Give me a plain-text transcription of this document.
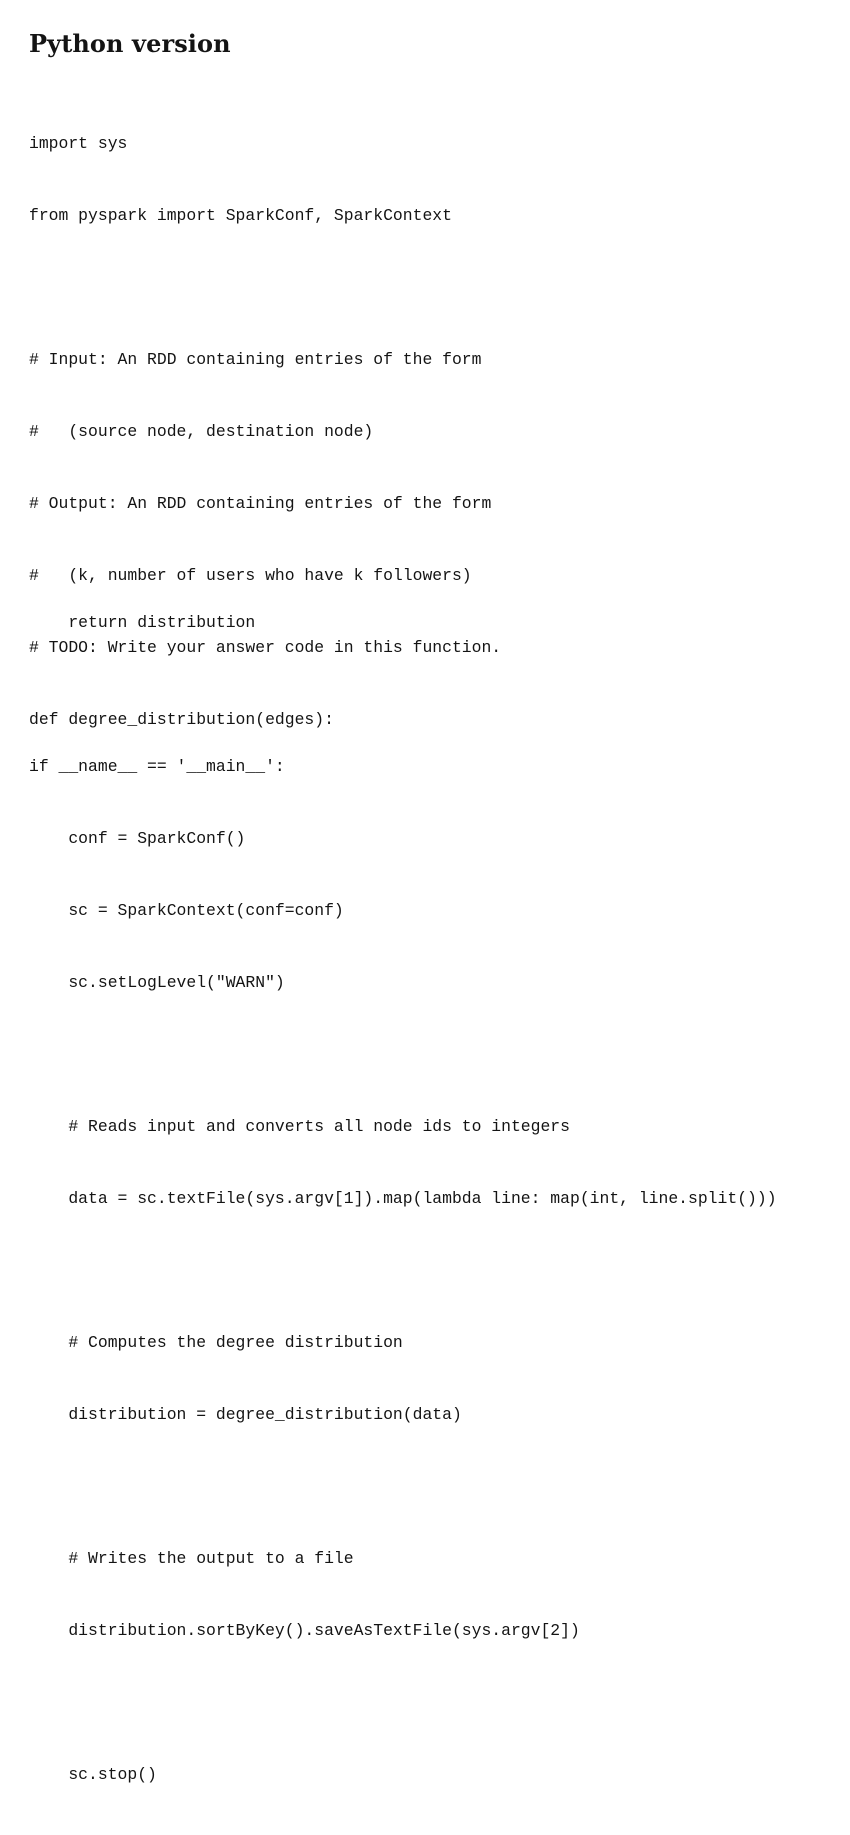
Python version

import sys

from pyspark import SparkConf, SparkContext

# Input: An RDD containing entries of the form

#   (source node, destination node)

# Output: An RDD containing entries of the form

#   (k, number of users who have k followers)

# TODO: Write your answer code in this function.

def degree_distribution(edges):

return distribution

if __name__ == '__main__':

conf = SparkConf()

sc = SparkContext(conf=conf)

sc.setLogLevel("WARN")

# Reads input and converts all node ids to integers

data = sc.textFile(sys.argv[1]).map(lambda line: map(int, line.split()))

# Computes the degree distribution

distribution = degree_distribution(data)

# Writes the output to a file

distribution.sortByKey().saveAsTextFile(sys.argv[2])

sc.stop()
